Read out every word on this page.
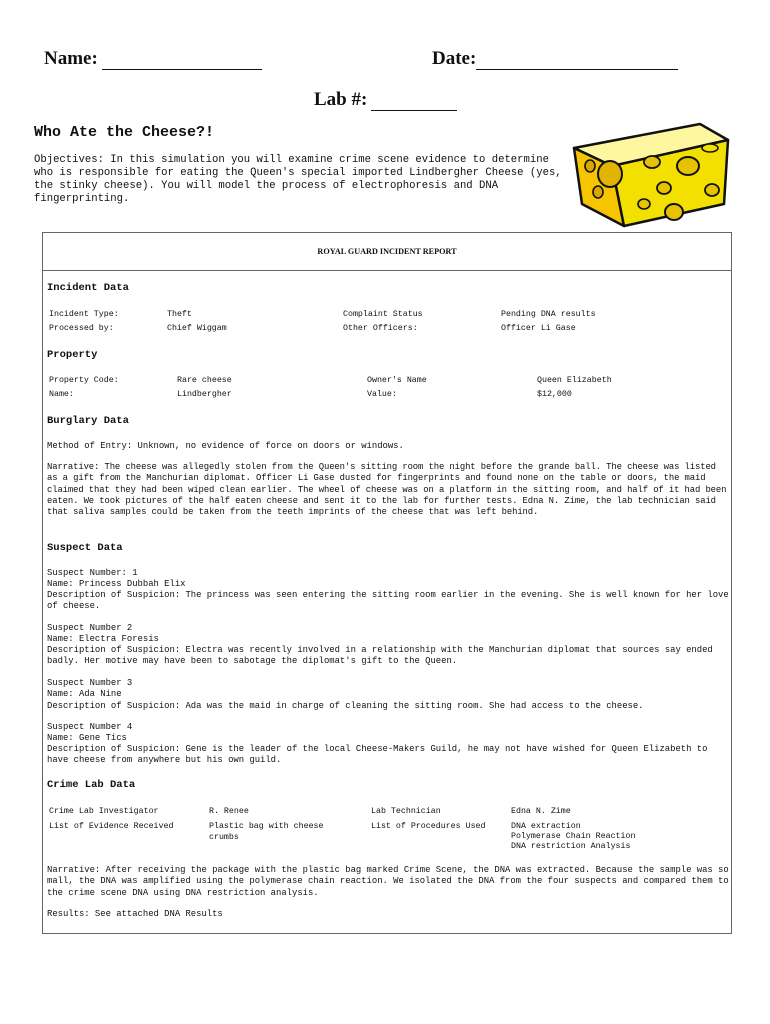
Name:	Date:
Lab #:
Who Ate the Cheese?!
Objectives: In this simulation you will examine crime scene evidence to determine who is responsible for eating the Queen's special imported Lindbergher Cheese (yes, the stinky cheese). You will model the process of electrophoresis and DNA fingerprinting.
ROYAL GUARD INCIDENT REPORT
Incident Data
Incident Type:	Theft	Complaint Status	Pending DNA results
Processed by:	Chief Wiggam	Other Officers:	Officer Li Gase
Property
Property Code:	Rare cheese	Owner's Name	Queen Elizabeth
Name:	Lindbergher	Value:	$12,000
Burglary Data
Method of Entry: Unknown, no evidence of force on doors or windows.
Narrative: The cheese was allegedly stolen from the Queen's sitting room the night before the grande ball. The cheese was listed as a gift from the Manchurian diplomat. Officer Li Gase dusted for fingerprints and found none on the table or doors, the maid claimed that they had been wiped clean earlier. The wheel of cheese was on a platform in the sitting room, and half of it had been eaten. We took pictures of the half eaten cheese and sent it to the lab for further tests. Edna N. Zime, the lab technician said that saliva samples could be taken from the teeth imprints of the cheese that was left behind.
Suspect Data
Suspect Number: 1
Name: Princess Dubbah Elix
Description of Suspicion: The princess was seen entering the sitting room earlier in the evening. She is well known for her love of cheese.
Suspect Number 2
Name: Electra Foresis
Description of Suspicion: Electra was recently involved in a relationship with the Manchurian diplomat that sources say ended badly. Her motive may have been to sabotage the diplomat's gift to the Queen.
Suspect Number 3
Name: Ada Nine
Description of Suspicion: Ada was the maid in charge of cleaning the sitting room. She had access to the cheese.
Suspect Number 4
Name: Gene Tics
Description of Suspicion: Gene is the leader of the local Cheese-Makers Guild, he may not have wished for Queen Elizabeth to have cheese from anywhere but his own guild.
Crime Lab Data
Crime Lab Investigator	R. Renee	Lab Technician	Edna N. Zime
List of Evidence Received	Plastic bag with cheese crumbs
List of Procedures Used	DNA extraction
Polymerase Chain Reaction
DNA restriction Analysis
Narrative: After receiving the package with the plastic bag marked Crime Scene, the DNA was extracted. Because the sample was so mall, the DNA was amplified using the polymerase chain reaction. We isolated the DNA from the four suspects and compared them to the crime scene DNA using DNA restriction analysis.
Results: See attached DNA Results
